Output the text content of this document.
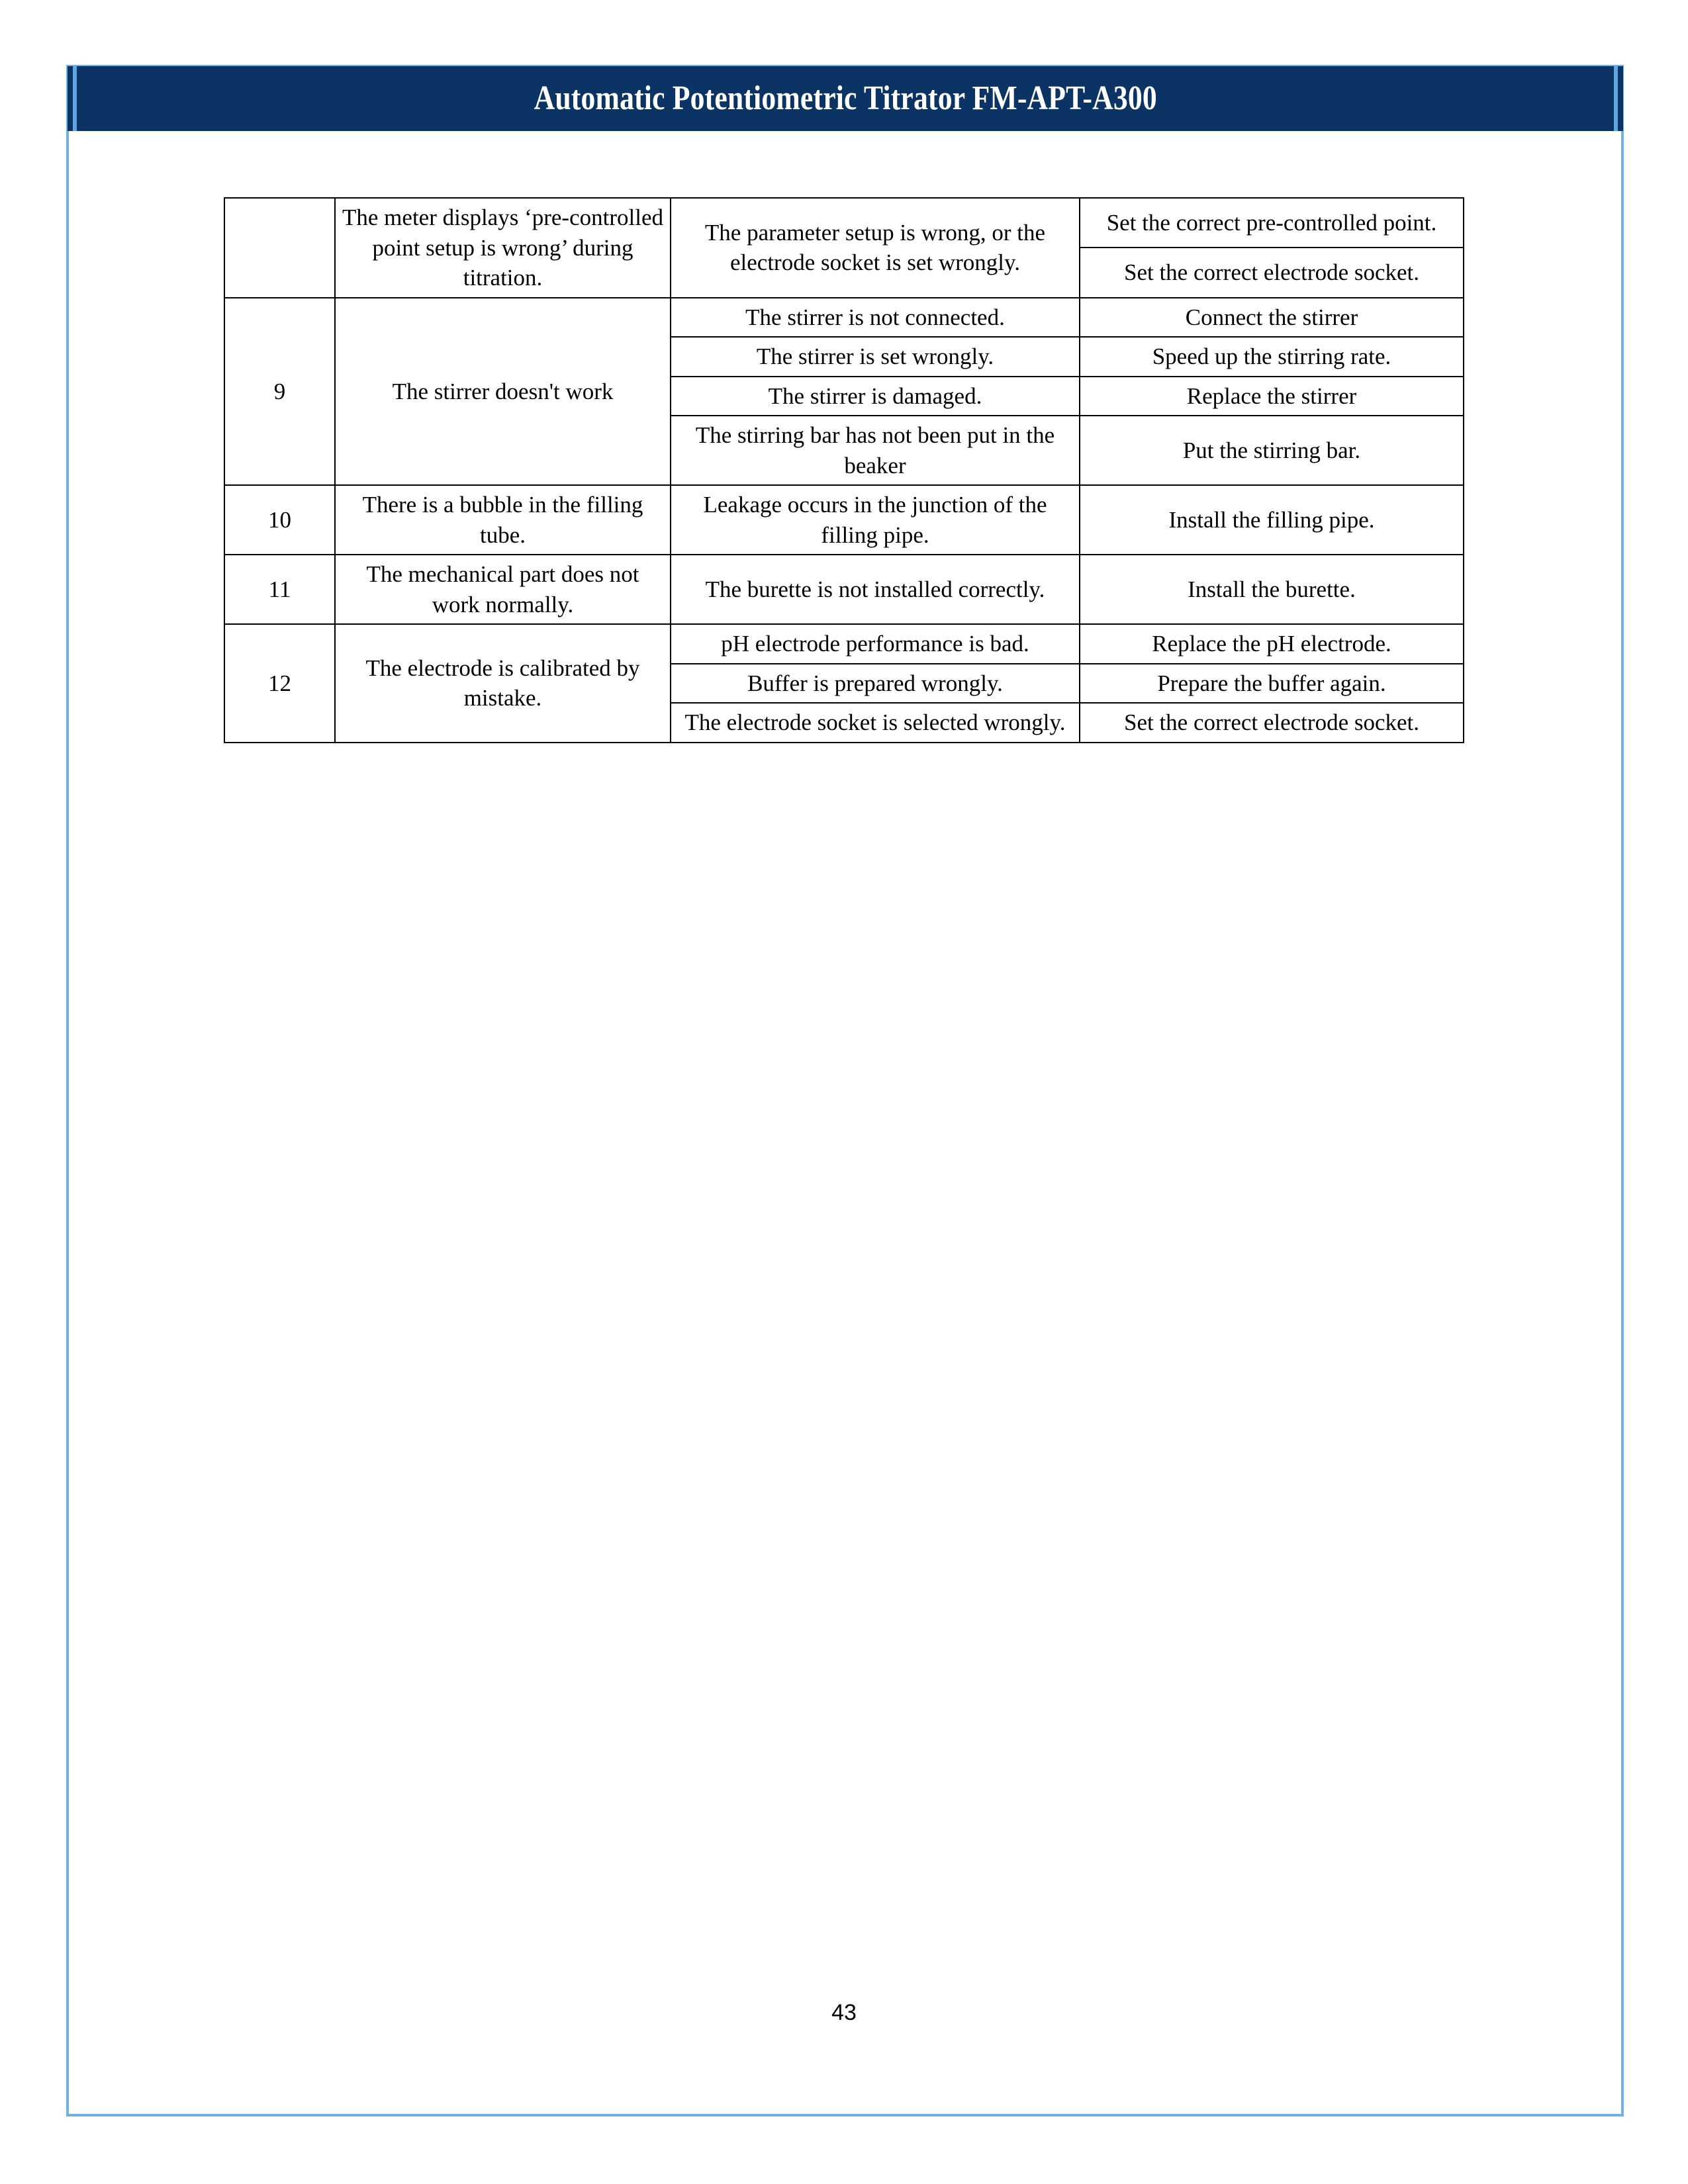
Automatic Potentiometric Titrator FM-APT-A300
	The meter displays ‘pre-controlled point setup is wrong’ during titration.	The parameter setup is wrong, or the electrode socket is set wrongly.	Set the correct pre-controlled point.
			Set the correct electrode socket.
9	The stirrer doesn't work	The stirrer is not connected.	Connect the stirrer
		The stirrer is set wrongly.	Speed up the stirring rate.
		The stirrer is damaged.	Replace the stirrer
		The stirring bar has not been put in the beaker	Put the stirring bar.
10	There is a bubble in the filling tube.	Leakage occurs in the junction of the filling pipe.	Install the filling pipe.
11	The mechanical part does not work normally.	The burette is not installed correctly.	Install the burette.
12	The electrode is calibrated by mistake.	pH electrode performance is bad.	Replace the pH electrode.
		Buffer is prepared wrongly.	Prepare the buffer again.
		The electrode socket is selected wrongly.	Set the correct electrode socket.
43
